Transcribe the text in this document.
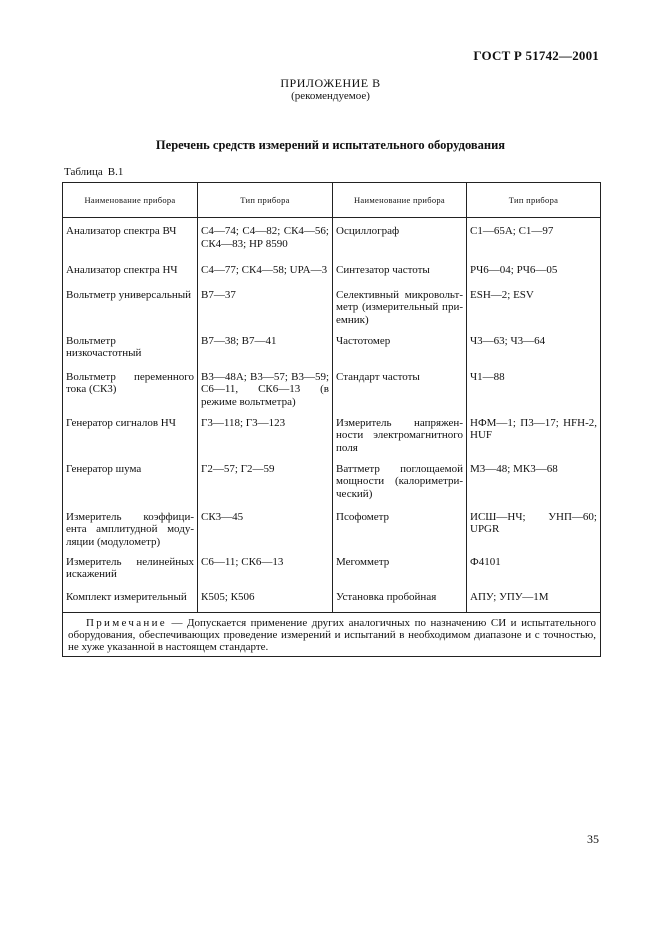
ГОСТ Р 51742—2001
ПРИЛОЖЕНИЕ В
(рекомендуемое)
Перечень средств измерений и испытательного оборудования
Таблица В.1
Наименование прибора	Тип прибора	Наименование прибора	Тип прибора
Анализатор спектра ВЧ	С4—74; С4—82; СК4—56; СК4—83; НР 8590	Осциллограф	С1—65А; С1—97
Анализатор спектра НЧ	С4—77; СК4—58; UPA—3	Синтезатор частоты	РЧ6—04; РЧ6—05
Вольтметр универсальный	В7—37	Селективный микровольт-метр (измерительный при-емник)	ESH—2; ESV
Вольтметр низкочастотный	В7—38; В7—41	Частотомер	Ч3—63; Ч3—64
Вольтметр переменного тока (СК3)	В3—48А; В3—57; В3—59; С6—11, СК6—13 (в режиме вольтметра)	Стандарт частоты	Ч1—88
Генератор сигналов НЧ	Г3—118; Г3—123	Измеритель напряжен-ности электромагнитного поля	НФМ—1; П3—17; HFH-2, HUF
Генератор шума	Г2—57; Г2—59	Ваттметр поглощаемой мощности (калориметри-ческий)	М3—48; МК3—68
Измеритель коэффици-ента амплитудной моду-ляции (модулометр)	СК3—45	Псофометр	ИСШ—НЧ; УНП—60; UPGR
Измеритель нелинейных искажений	С6—11; СК6—13	Мегомметр	Ф4101
Комплект измерительный	К505; К506	Установка пробойная	АПУ; УПУ—1М
Примечание — Допускается применение других аналогичных по назначению СИ и испытательного оборудования, обеспечивающих проведение измерений и испытаний в необходимом диапазоне и с точностью, не хуже указанной в настоящем стандарте.			
35
